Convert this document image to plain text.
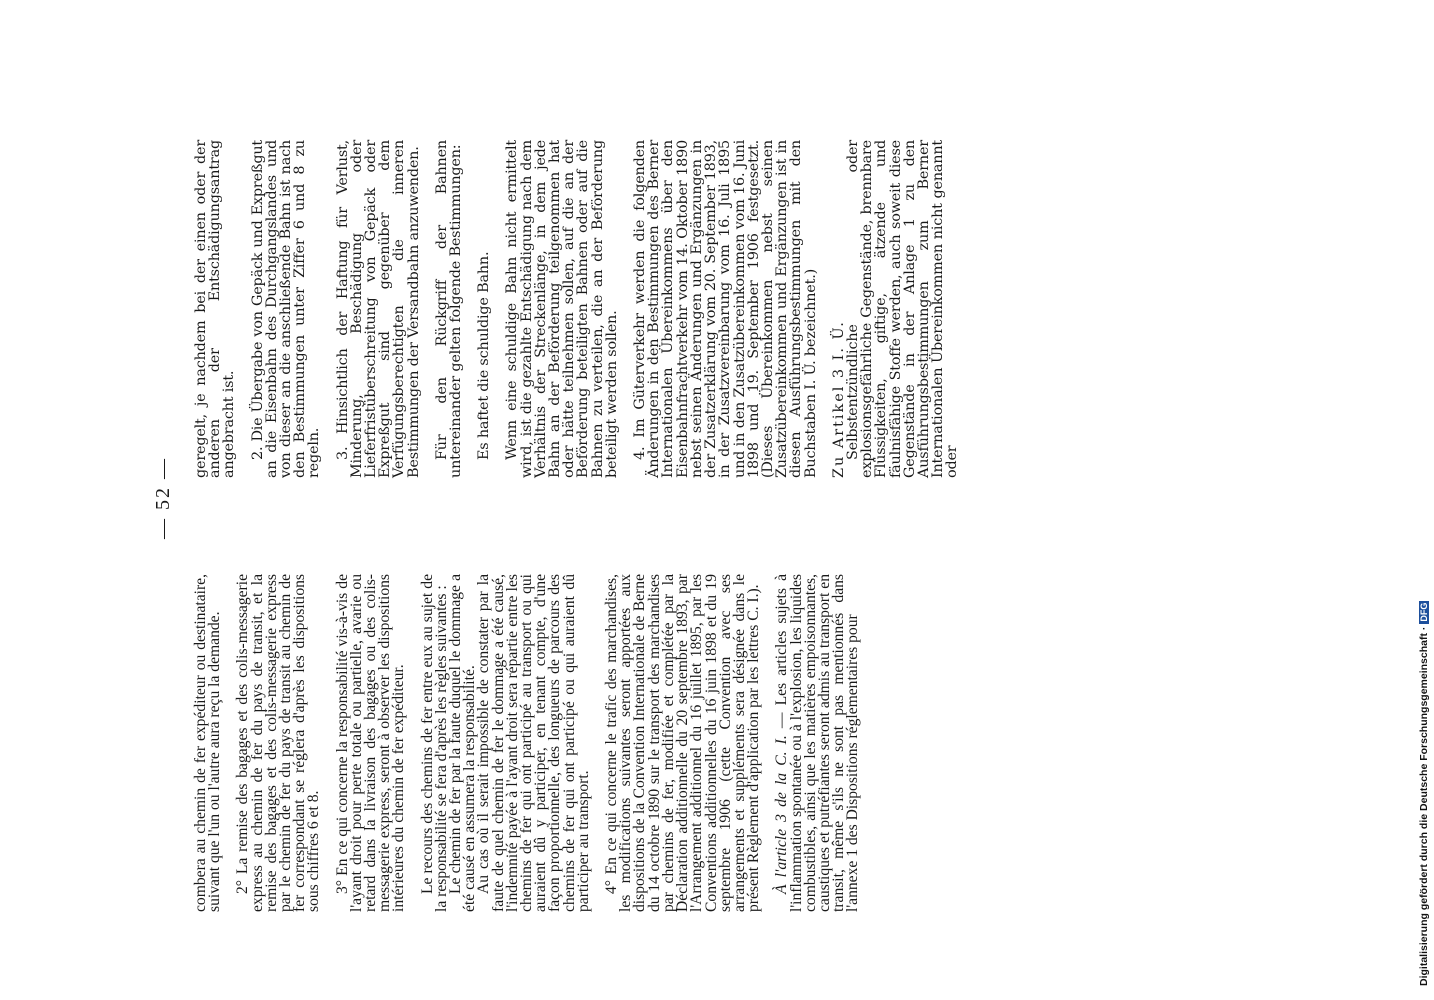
— 52 —

combera au chemin de fer expéditeur ou destinataire, suivant que l'un ou l'autre aura reçu la demande. 2° La remise des bagages et des colis-messagerie express au chemin de fer du pays de transit, et la remise des bagages et des colis-messagerie express par le chemin de fer du pays de transit au chemin de fer correspondant se réglera d'après les dispositions sous chiffres 6 et 8. 3° En ce qui concerne la responsabilité vis-à-vis de l'ayant droit pour perte totale ou partielle, avarie ou retard dans la livraison des bagages ou des colis-messagerie express, seront à observer les dispositions intérieures du chemin de fer expéditeur. Le recours des chemins de fer entre eux au sujet de la responsabilité se fera d'après les règles suivantes :

Le chemin de fer par la faute duquel le dommage a été causé en assumera la responsabilité.

Au cas où il serait impossible de constater par la faute de quel chemin de fer le dommage a été causé, l'indemnité payée à l'ayant droit sera répartie entre les chemins de fer qui ont participé au transport ou qui auraient dû y participer, en tenant compte, d'une façon proportionnelle, des longueurs de parcours des chemins de fer qui ont participé ou qui auraient dû participer au transport. 4° En ce qui concerne le trafic des marchandises, les modifications suivantes seront apportées aux dispositions de la Convention Internationale de Berne du 14 octobre 1890 sur le transport des marchandises par chemins de fer, modifiée et complétée par la Déclaration additionnelle du 20 septembre 1893, par l'Arrangement additionnel du 16 juillet 1895, par les Conventions additionnelles du 16 juin 1898 et du 19 septembre 1906 (cette Convention avec ses arrangements et suppléments sera désignée dans le présent Règlement d'application par les lettres C. I.). À l'article 3 de la C. I. — Les articles sujets à l'inflammation spontanée ou à l'explosion, les liquides combustibles, ainsi que les matières empoisonnantes, caustiques et putréfiantes seront admis au transport en transit, même s'ils ne sont pas mentionnés dans l'annexe 1 des Dispositions réglementaires pour

geregelt, je nachdem bei der einen oder der anderen der Entschädigungsantrag angebracht ist. 2. Die Übergabe von Gepäck und Expreßgut an die Eisenbahn des Durchgangslandes und von dieser an die anschließende Bahn ist nach den Bestimmungen unter Ziffer 6 und 8 zu regeln. 3. Hinsichtlich der Haftung für Verlust, Minderung, Beschädigung oder Lieferfristüberschreitung von Gepäck oder Expreßgut sind gegenüber dem Verfügungsberechtigten die inneren Bestimmungen der Versandbahn anzuwenden. Für den Rückgriff der Bahnen untereinander gelten folgende Bestimmungen: Es haftet die schuldige Bahn. Wenn eine schuldige Bahn nicht ermittelt wird, ist die gezahlte Entschädigung nach dem Verhältnis der Streckenlänge, in dem jede Bahn an der Beförderung teilgenommen hat oder hätte teilnehmen sollen, auf die an der Beförderung beteiligten Bahnen oder auf die Bahnen zu verteilen, die an der Beförderung beteiligt werden sollen. 4. Im Güterverkehr werden die folgenden Änderungen in den Bestimmungen des Berner Internationalen Übereinkommens über den Eisenbahnfrachtverkehr vom 14. Oktober 1890 nebst seinen Änderungen und Ergänzungen in der Zusatzerklärung vom 20. September 1893, in der Zusatzvereinbarung vom 16. Juli 1895 und in den Zusatzübereinkommen vom 16. Juni 1898 und 19. September 1906 festgesetzt. (Dieses Übereinkommen nebst seinen Zusatzübereinkommen und Ergänzungen ist in diesen Ausführungsbestimmungen mit den Buchstaben I. Ü. bezeichnet.) Zu Artikel 3 I. Ü.

Selbstentzündliche oder explosionsgefährliche Gegenstände, brennbare Flüssigkeiten, giftige, ätzende und fäulnisfähige Stoffe werden, auch soweit diese Gegenstände in der Anlage 1 zu den Ausführungsbestimmungen zum Berner Internationalen Übereinkommen nicht genannt oder

Digitalisierung gefördert durch die Deutsche Forschungsgemeinschaft ·DFG
